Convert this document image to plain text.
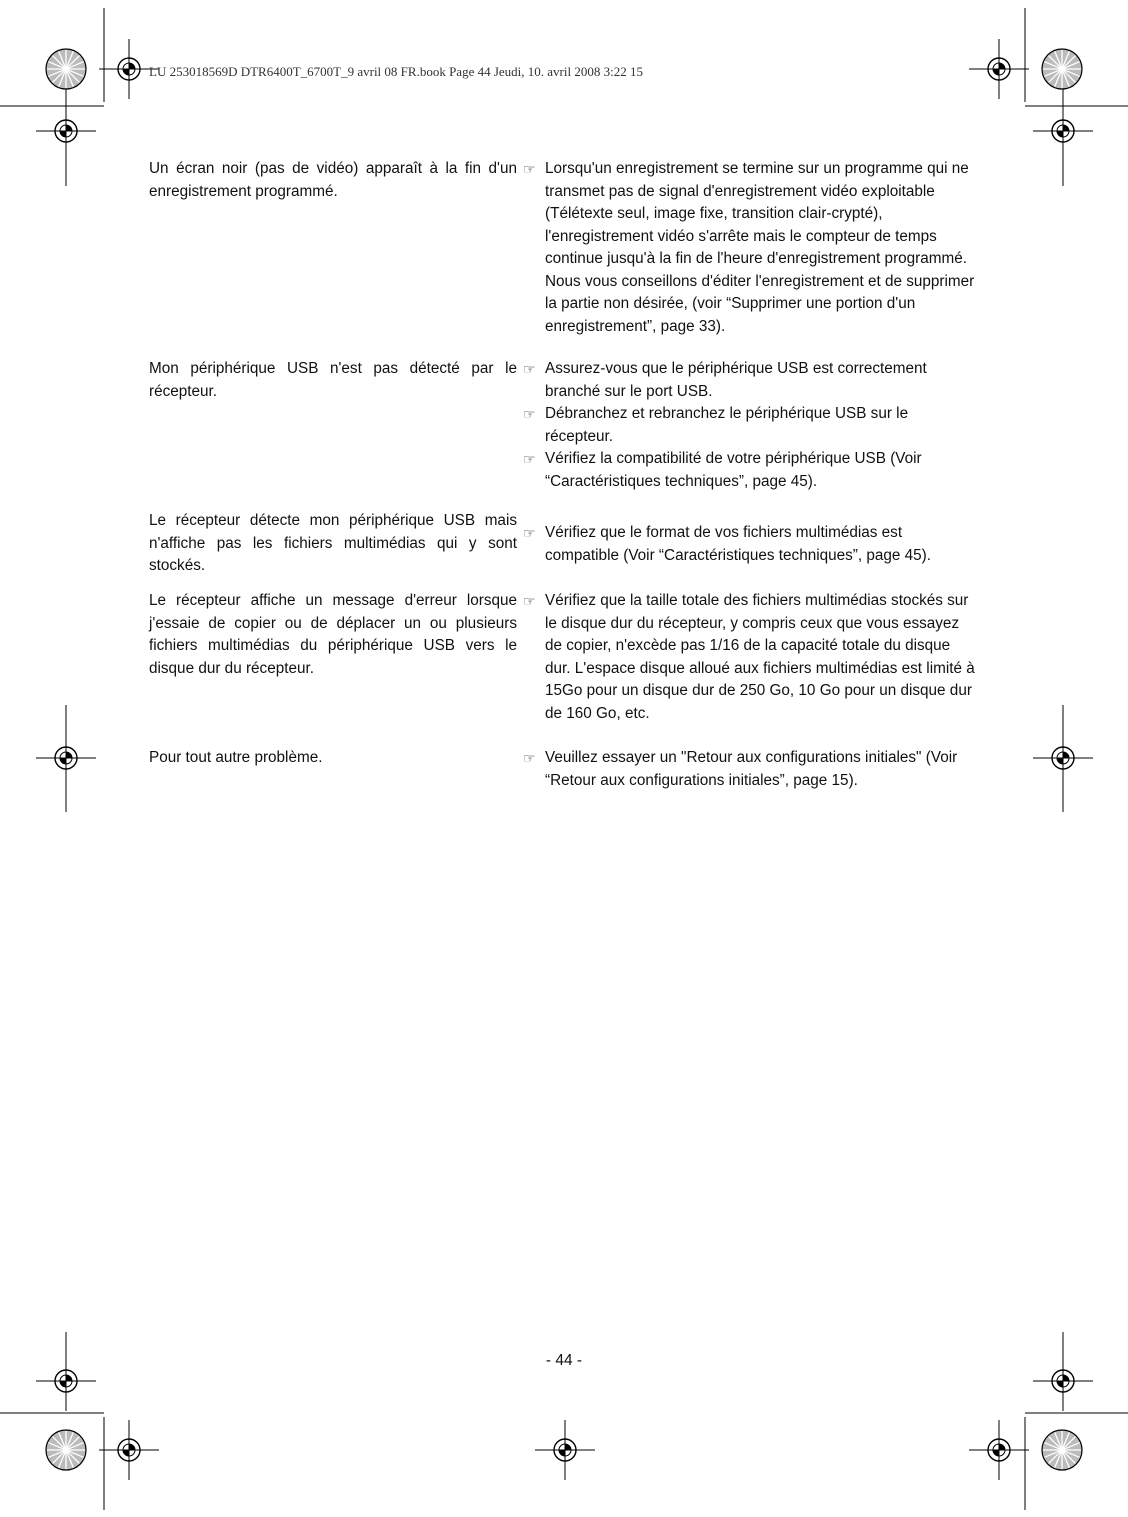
LU 253018569D DTR6400T_6700T_9 avril 08 FR.book Page 44 Jeudi, 10. avril 2008 3:22 15
Un écran noir (pas de vidéo) apparaît à la fin d'un enregistrement programmé.
☞ Lorsqu'un enregistrement se termine sur un programme qui ne transmet pas de signal d'enregistrement vidéo exploitable (Télétexte seul, image fixe, transition clair-crypté), l'enregistrement vidéo s'arrête mais le compteur de temps continue jusqu'à la fin de l'heure d'enregistrement programmé. Nous vous conseillons d'éditer l'enregistrement et de supprimer la partie non désirée, (voir “Supprimer une portion d'un enregistrement”, page 33).
Mon périphérique USB n'est pas détecté par le récepteur.
☞ Assurez-vous que le périphérique USB est correctement branché sur le port USB.
☞ Débranchez et rebranchez le périphérique USB sur le récepteur.
☞ Vérifiez la compatibilité de votre périphérique USB (Voir “Caractéristiques techniques”, page 45).
Le récepteur détecte mon périphérique USB mais n'affiche pas les fichiers multimédias qui y sont stockés.
☞ Vérifiez que le format de vos fichiers multimédias est compatible (Voir “Caractéristiques techniques”, page 45).
Le récepteur affiche un message d'erreur lorsque j'essaie de copier ou de déplacer un ou plusieurs fichiers multimédias du périphérique USB vers le disque dur du récepteur.
☞ Vérifiez que la taille totale des fichiers multimédias stockés sur le disque dur du récepteur, y compris ceux que vous essayez de copier, n'excède pas 1/16 de la capacité totale du disque dur. L'espace disque alloué aux fichiers multimédias est limité à 15Go pour un disque dur de 250 Go, 10 Go pour un disque dur de 160 Go, etc.
Pour tout autre problème.	☞ Veuillez essayer un "Retour aux configurations initiales" (Voir “Retour aux configurations initiales”, page 15).
- 44 -
